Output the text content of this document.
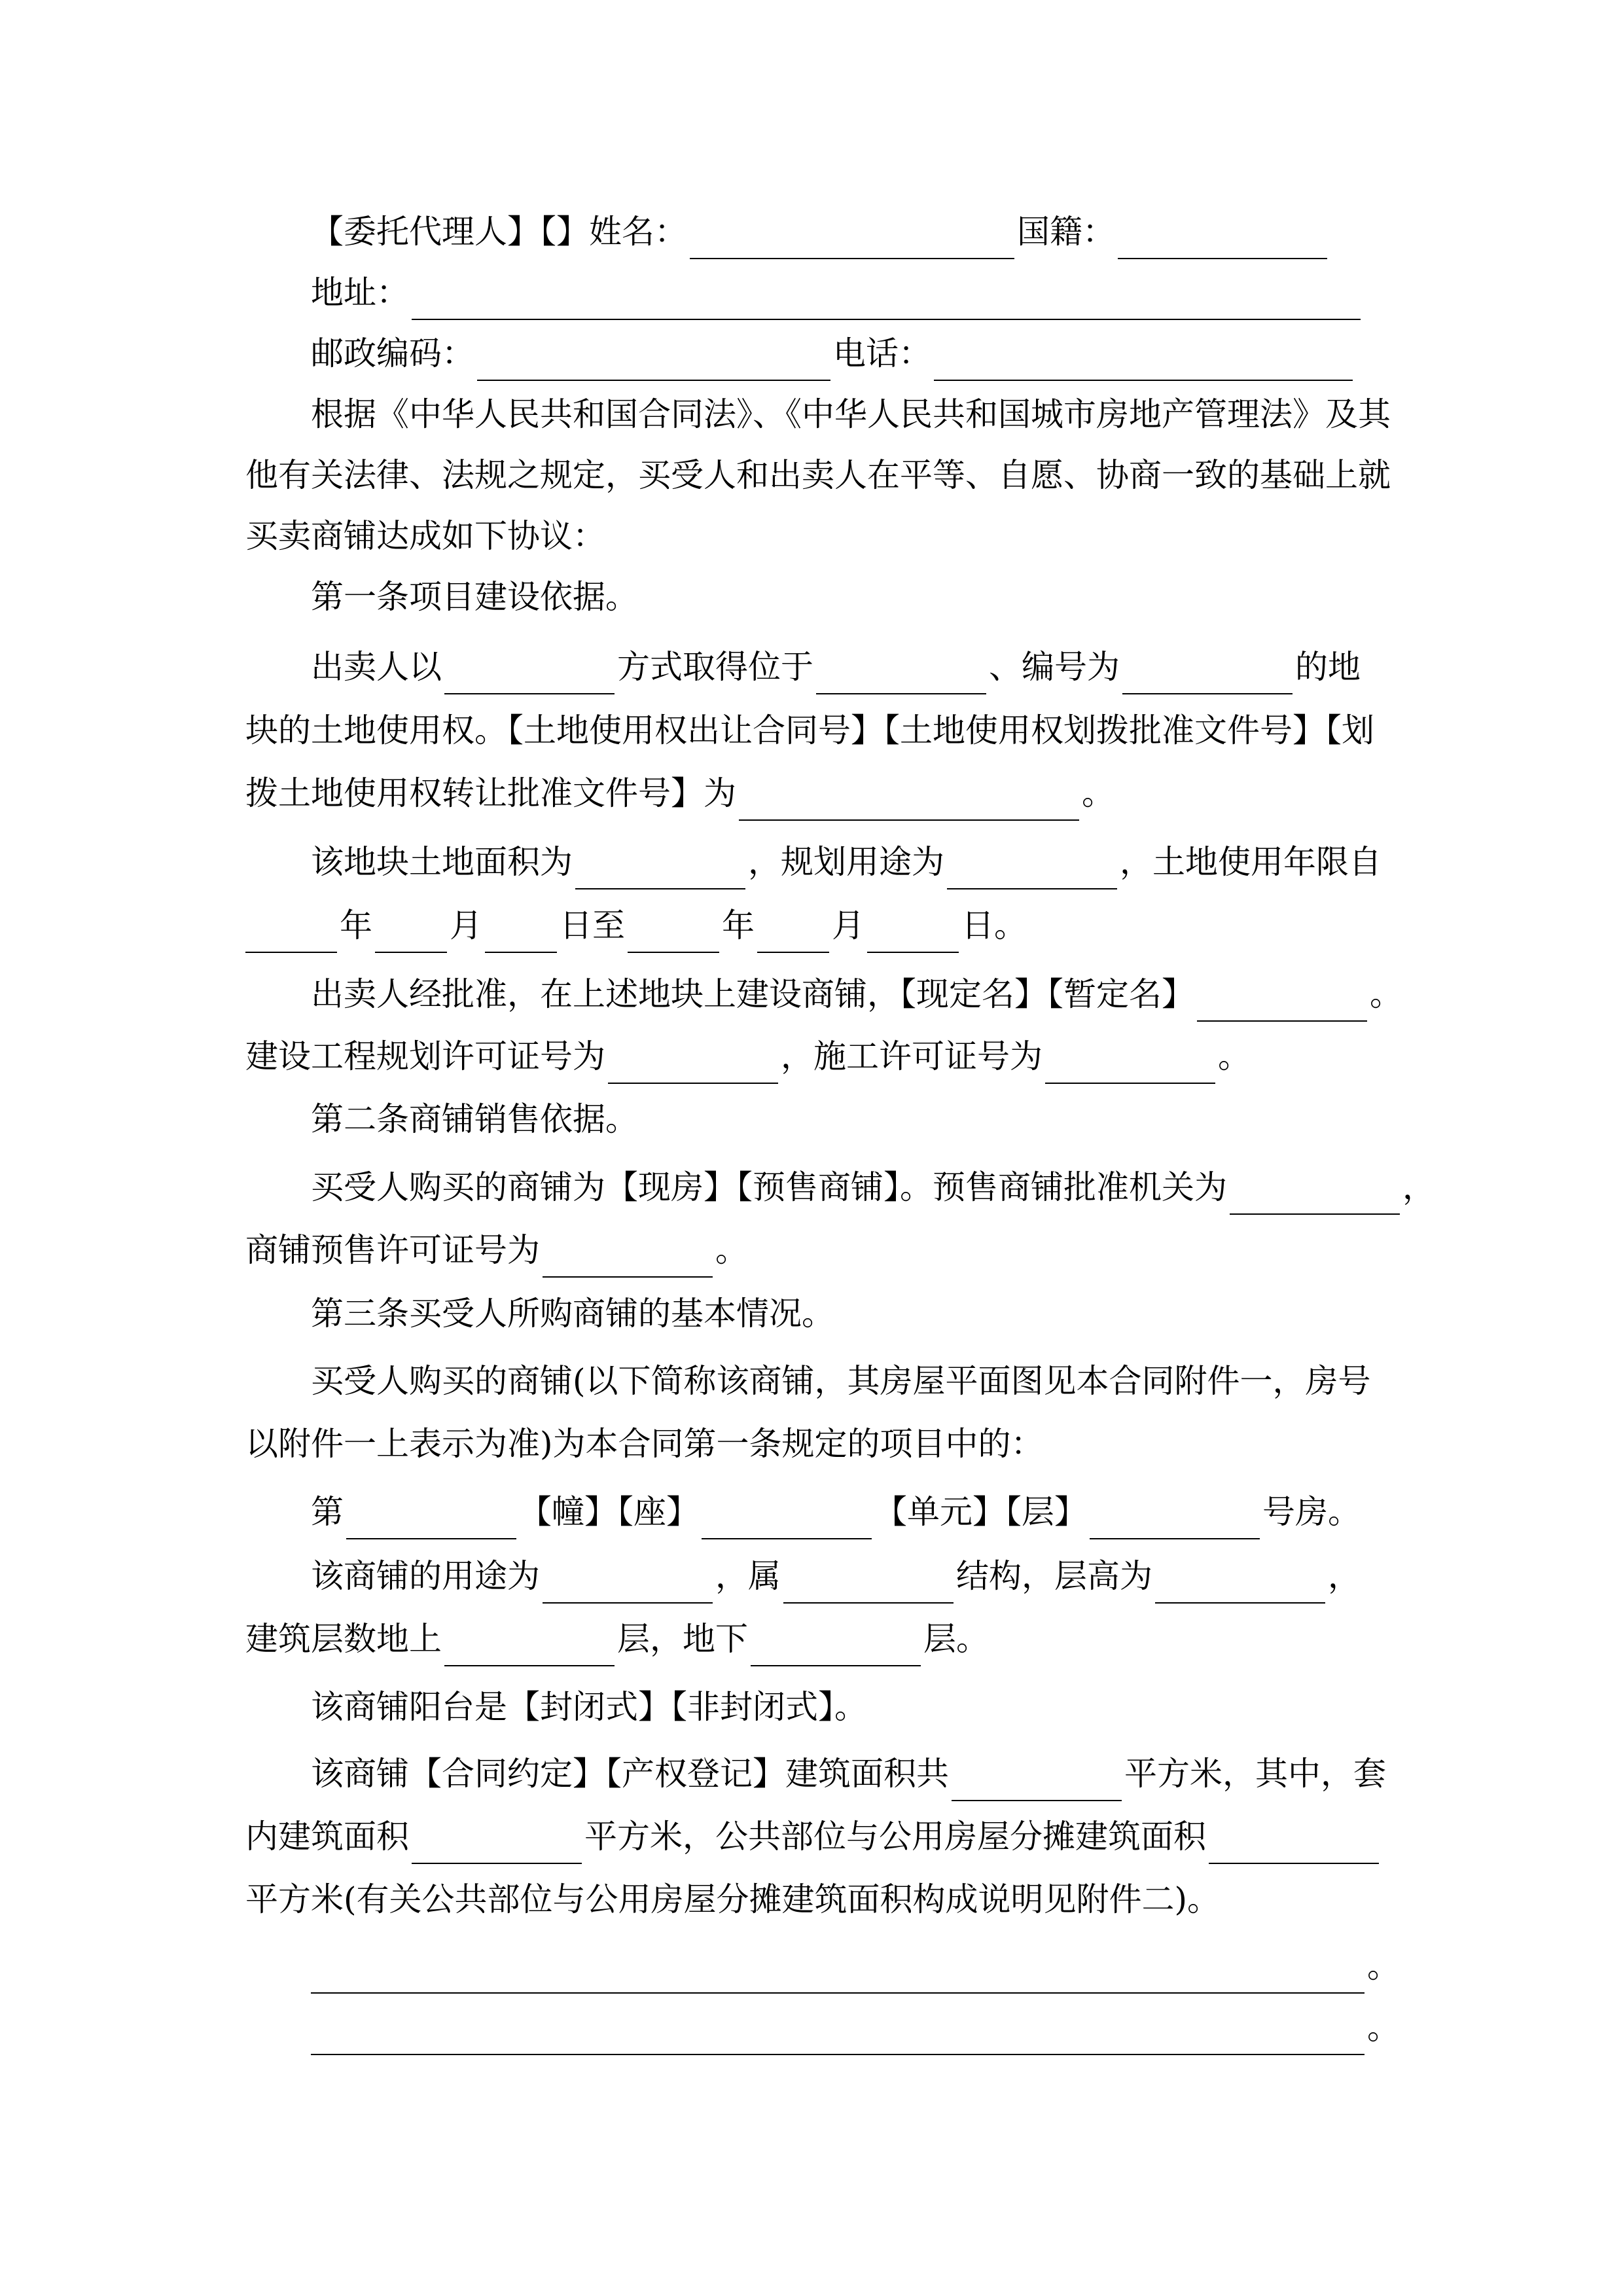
【委托代理人】【】姓名：	国籍：
地址：
邮政编码：	电话：
根据《中华人民共和国合同法》、《中华人民共和国城市房地产管理法》及其
他有关法律、法规之规定，买受人和出卖人在平等、自愿、协商一致的基础上就
买卖商铺达成如下协议：
第一条项目建设依据。
出卖人以	方式取得位于	、编号为	的地
块的土地使用权。【土地使用权出让合同号】【土地使用权划拨批准文件号】【划
拨土地使用权转让批准文件号】为	。
该地块土地面积为	，规划用途为	，土地使用年限自
年 月 日至	年 月	日。
出卖人经批准，在上述地块上建设商铺，【现定名】【暂定名】	。
建设工程规划许可证号为	，施工许可证号为	。
第二条商铺销售依据。
买受人购买的商铺为【现房】【预售商铺】。预售商铺批准机关为	，
商铺预售许可证号为	。
第三条买受人所购商铺的基本情况。
买受人购买的商铺(以下简称该商铺，其房屋平面图见本合同附件一，房号
以附件一上表示为准)为本合同第一条规定的项目中的：
第	【幢】【座】	【单元】【层】	号房。
该商铺的用途为	，属	结构，层高为	，
建筑层数地上	层，地下	层。
该商铺阳台是【封闭式】【非封闭式】。
该商铺【合同约定】【产权登记】建筑面积共	平方米，其中，套
内建筑面积	平方米，公共部位与公用房屋分摊建筑面积
平方米(有关公共部位与公用房屋分摊建筑面积构成说明见附件二)。
。
。
